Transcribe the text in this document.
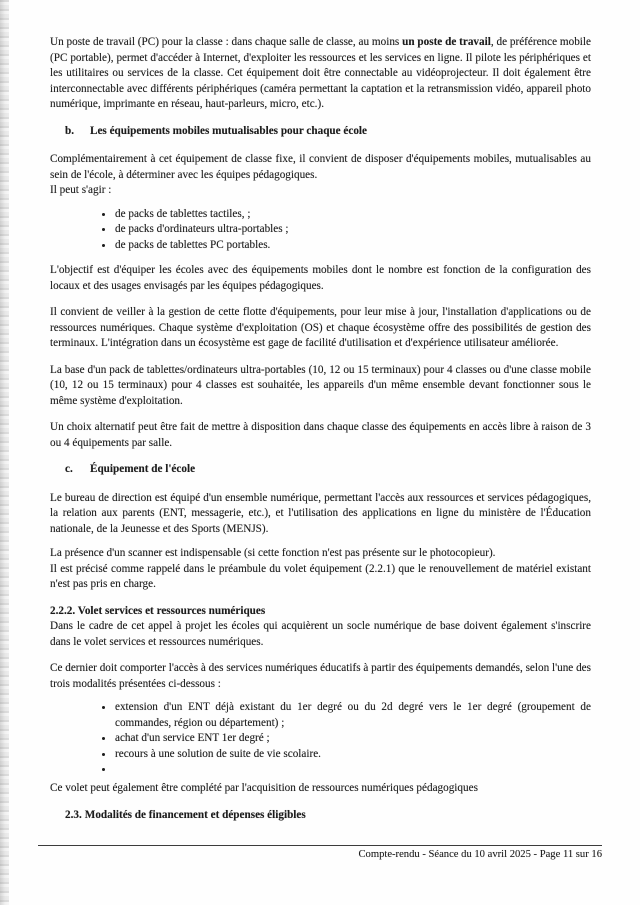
Un poste de travail (PC) pour la classe : dans chaque salle de classe, au moins un poste de travail, de préférence mobile (PC portable), permet d'accéder à Internet, d'exploiter les ressources et les services en ligne. Il pilote les périphériques et les utilitaires ou services de la classe. Cet équipement doit être connectable au vidéoprojecteur. Il doit également être interconnectable avec différents périphériques (caméra permettant la captation et la retransmission vidéo, appareil photo numérique, imprimante en réseau, haut-parleurs, micro, etc.).

b. Les équipements mobiles mutualisables pour chaque école

Complémentairement à cet équipement de classe fixe, il convient de disposer d'équipements mobiles, mutualisables au sein de l'école, à déterminer avec les équipes pédagogiques.

Il peut s'agir :
• de packs de tablettes tactiles, ;
• de packs d'ordinateurs ultra-portables ;
• de packs de tablettes PC portables.

L'objectif est d'équiper les écoles avec des équipements mobiles dont le nombre est fonction de la configuration des locaux et des usages envisagés par les équipes pédagogiques.

Il convient de veiller à la gestion de cette flotte d'équipements, pour leur mise à jour, l'installation d'applications ou de ressources numériques. Chaque système d'exploitation (OS) et chaque écosystème offre des possibilités de gestion des terminaux. L'intégration dans un écosystème est gage de facilité d'utilisation et d'expérience utilisateur améliorée.

La base d'un pack de tablettes/ordinateurs ultra-portables (10, 12 ou 15 terminaux) pour 4 classes ou d'une classe mobile (10, 12 ou 15 terminaux) pour 4 classes est souhaitée, les appareils d'un même ensemble devant fonctionner sous le même système d'exploitation.

Un choix alternatif peut être fait de mettre à disposition dans chaque classe des équipements en accès libre à raison de 3 ou 4 équipements par salle.

c. Équipement de l'école

Le bureau de direction est équipé d'un ensemble numérique, permettant l'accès aux ressources et services pédagogiques, la relation aux parents (ENT, messagerie, etc.), et l'utilisation des applications en ligne du ministère de l'Éducation nationale, de la Jeunesse et des Sports (MENJS).

La présence d'un scanner est indispensable (si cette fonction n'est pas présente sur le photocopieur).

Il est précisé comme rappelé dans le préambule du volet équipement (2.2.1) que le renouvellement de matériel existant n'est pas pris en charge.

2.2.2. Volet services et ressources numériques

Dans le cadre de cet appel à projet les écoles qui acquièrent un socle numérique de base doivent également s'inscrire dans le volet services et ressources numériques.

Ce dernier doit comporter l'accès à des services numériques éducatifs à partir des équipements demandés, selon l'une des trois modalités présentées ci-dessous :

• extension d'un ENT déjà existant du 1er degré ou du 2d degré vers le 1er degré (groupement de commandes, région ou département) ;
• achat d'un service ENT 1er degré ;
• recours à une solution de suite de vie scolaire.
•
Ce volet peut également être complété par l'acquisition de ressources numériques pédagogiques
2.3. Modalités de financement et dépenses éligibles
Compte-rendu - Séance du 10 avril 2025 - Page 11 sur 16
